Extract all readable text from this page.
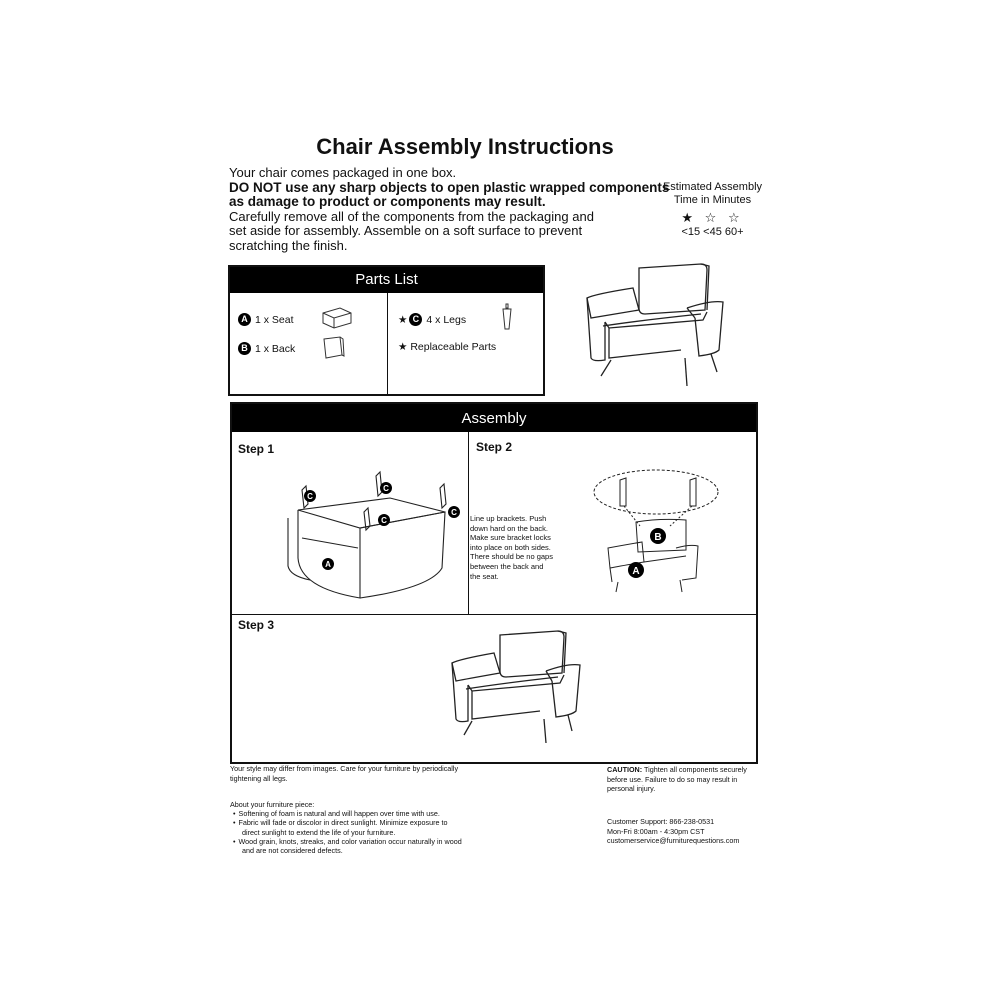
Chair Assembly Instructions
Your chair comes packaged in one box.
DO NOT use any sharp objects to open plastic wrapped components
as damage to product or components may result.
Carefully remove all of the components from the packaging and
set aside for assembly. Assemble on a soft surface to prevent
scratching the finish.
Estimated Assembly
Time in Minutes
★ ☆ ☆
<15 <45 60+
Parts List
A 1 x Seat
B 1 x Back
★ C 4 x Legs
★ Replaceable Parts
Assembly
Step 1	Step 2
Step 3
C
C
C
C
A
Line up brackets. Push
down hard on the back.
Make sure bracket locks
into place on both sides.
There should be no gaps
between the back and
the seat.
B
A
Your style may differ from images. Care for your furniture by periodically
tightening all legs.
About your furniture piece:
• Softening of foam is natural and will happen over time with use.
• Fabric will fade or discolor in direct sunlight. Minimize exposure to
direct sunlight to extend the life of your furniture.
• Wood grain, knots, streaks, and color variation occur naturally in wood
and are not considered defects.
CAUTION: Tighten all components securely
before use. Failure to do so may result in
personal injury.
Customer Support: 866-238-0531
Mon-Fri 8:00am - 4:30pm CST
customerservice@furniturequestions.com
